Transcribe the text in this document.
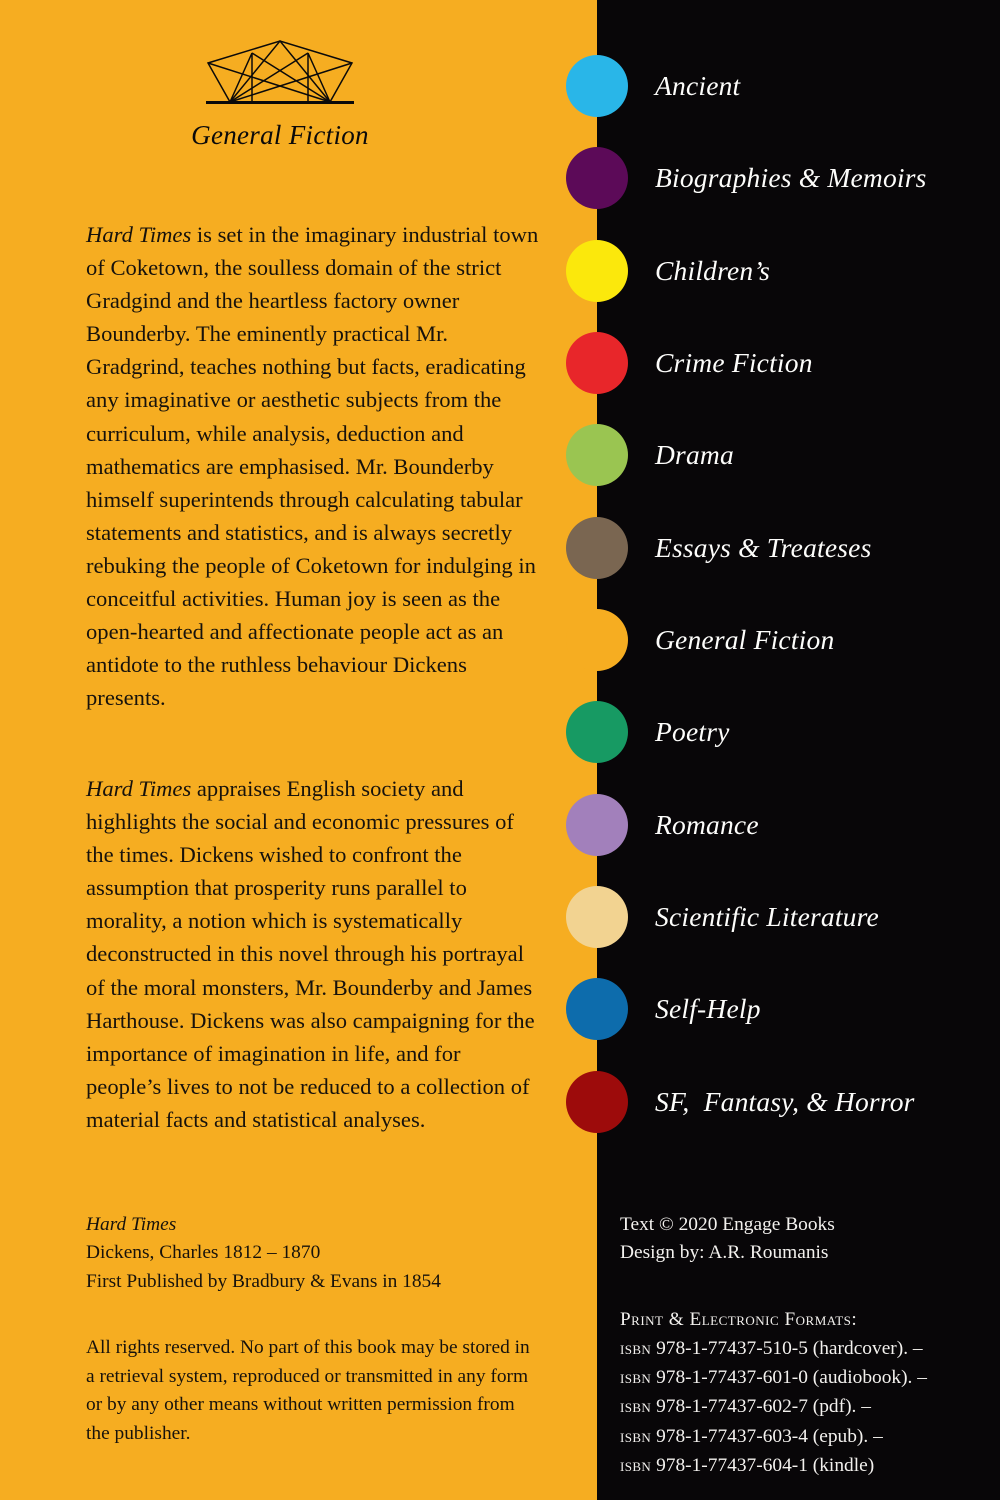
General Fiction
Hard Times is set in the imaginary industrial town of Coketown, the soulless domain of the strict Gradgind and the heartless factory owner Bounderby. The eminently practical Mr. Gradgrind, teaches nothing but facts, eradicating any imaginative or aesthetic subjects from the curriculum, while analysis, deduction and mathematics are emphasised. Mr. Bounderby himself superintends through calculating tabular statements and statistics, and is always secretly rebuking the people of Coketown for indulging in conceitful activities. Human joy is seen as the open-hearted and affectionate people act as an antidote to the ruthless behaviour Dickens presents.
Hard Times appraises English society and highlights the social and economic pressures of the times. Dickens wished to confront the assumption that prosperity runs parallel to morality, a notion which is systematically deconstructed in this novel through his portrayal of the moral monsters, Mr. Bounderby and James Harthouse. Dickens was also campaigning for the importance of imagination in life, and for people’s lives to not be reduced to a collection of material facts and statistical analyses.
Hard Times
Dickens, Charles 1812 – 1870
First Published by Bradbury & Evans in 1854
All rights reserved. No part of this book may be stored in a retrieval system, reproduced or transmitted in any form or by any other means without written permission from the publisher.
Ancient
Biographies & Memoirs
Children’s
Crime Fiction
Drama
Essays & Treateses
General Fiction
Poetry
Romance
Scientific Literature
Self-Help
SF,  Fantasy, & Horror
Text © 2020 Engage Books
Design by: A.R. Roumanis
Print & Electronic Formats:
isbn 978-1-77437-510-5 (hardcover). –
isbn 978-1-77437-601-0 (audiobook). –
isbn 978-1-77437-602-7 (pdf). –
isbn 978-1-77437-603-4 (epub). –
isbn 978-1-77437-604-1 (kindle)
